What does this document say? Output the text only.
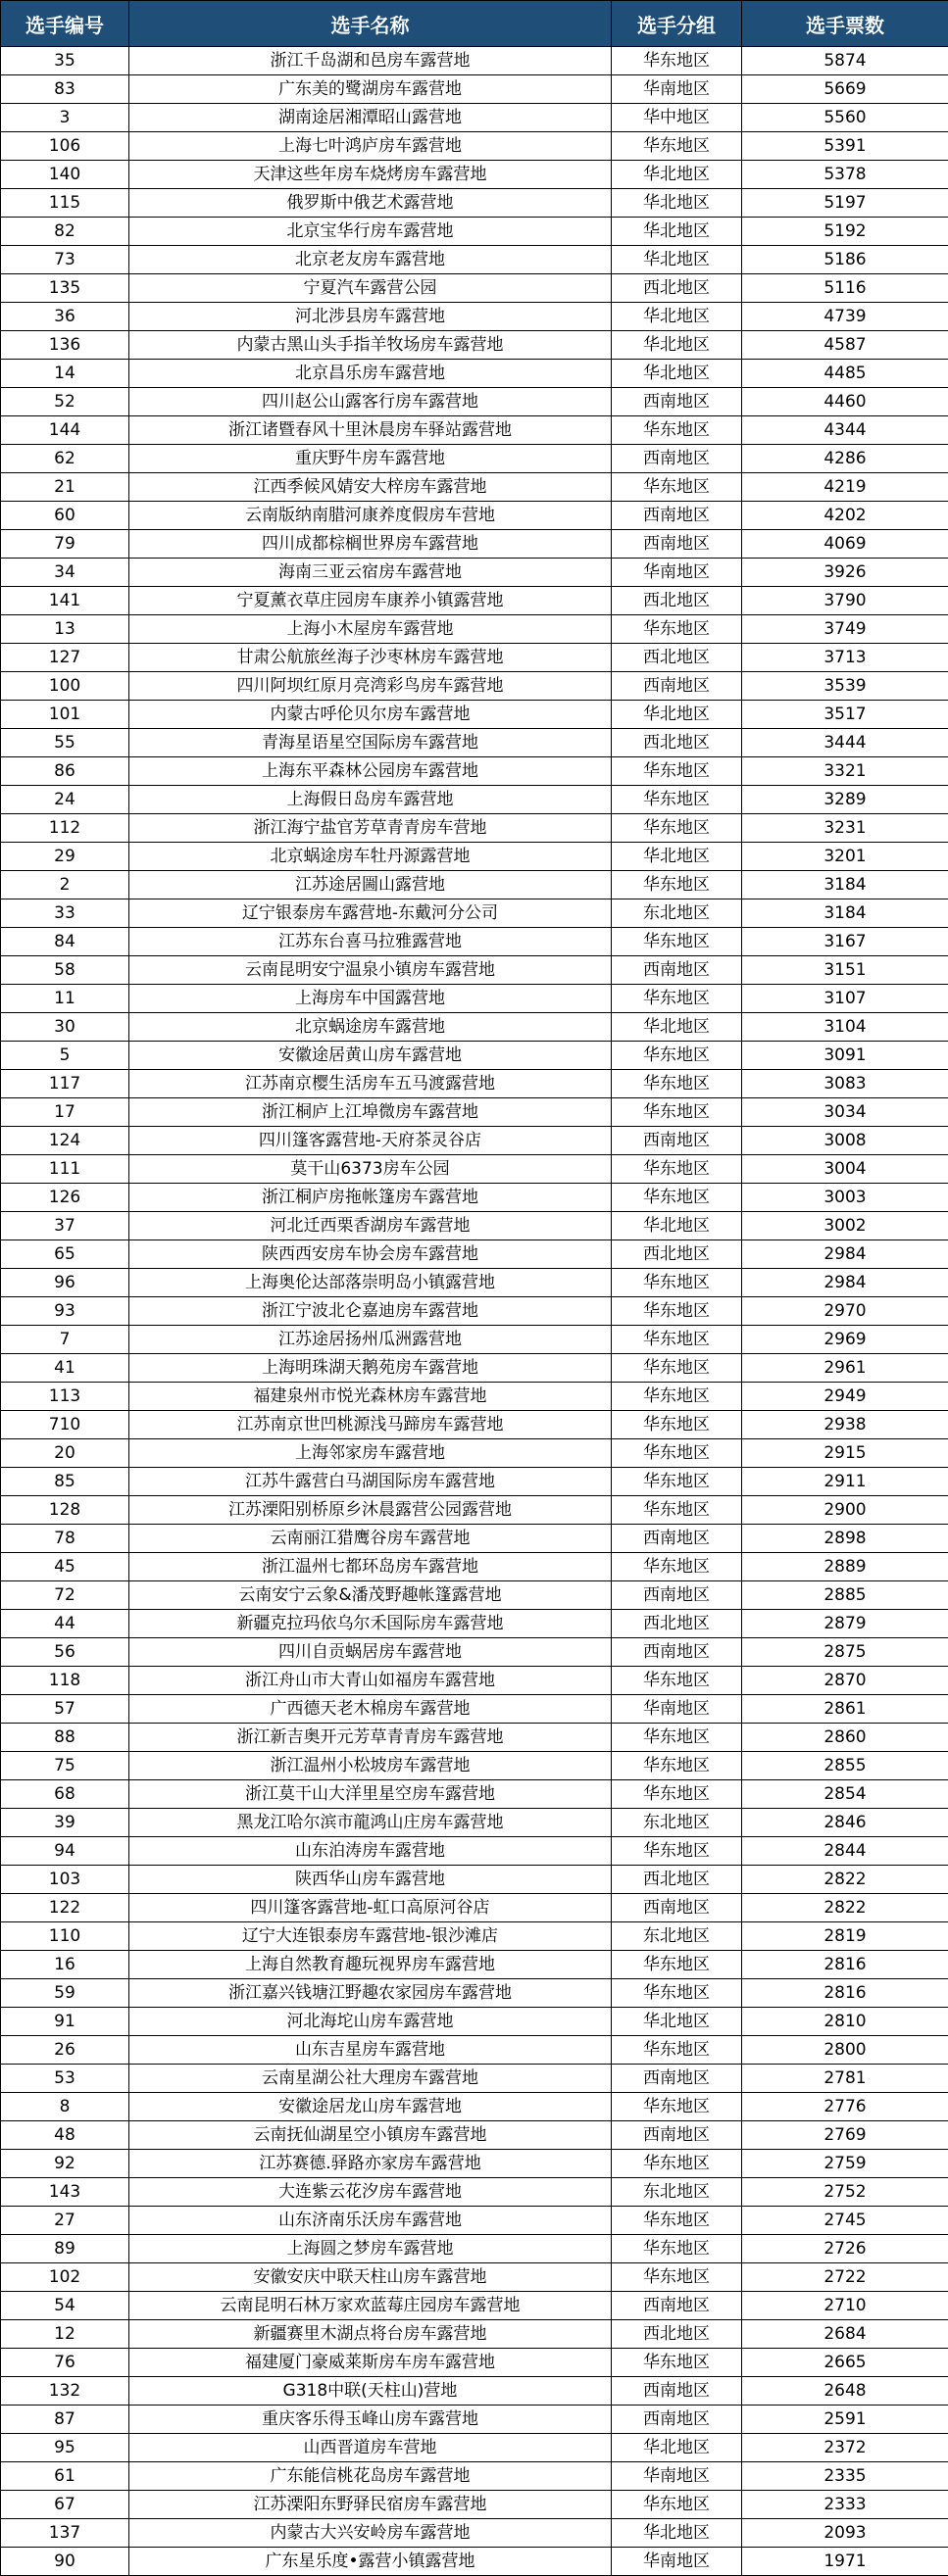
选手编号	选手名称	选手分组	选手票数
35	浙江千岛湖和邑房车露营地	华东地区	5874
83	广东美的鹭湖房车露营地	华南地区	5669
3	湖南途居湘潭昭山露营地	华中地区	5560
106	上海七叶鸿庐房车露营地	华东地区	5391
140	天津这些年房车烧烤房车露营地	华北地区	5378
115	俄罗斯中俄艺术露营地	华北地区	5197
82	北京宝华行房车露营地	华北地区	5192
73	北京老友房车露营地	华北地区	5186
135	宁夏汽车露营公园	西北地区	5116
36	河北涉县房车露营地	华北地区	4739
136	内蒙古黑山头手指羊牧场房车露营地	华北地区	4587
14	北京昌乐房车露营地	华北地区	4485
52	四川赵公山露客行房车露营地	西南地区	4460
144	浙江诸暨春风十里沐晨房车驿站露营地	华东地区	4344
62	重庆野牛房车露营地	西南地区	4286
21	江西季候风婧安大梓房车露营地	华东地区	4219
60	云南版纳南腊河康养度假房车营地	西南地区	4202
79	四川成都棕榈世界房车露营地	西南地区	4069
34	海南三亚云宿房车露营地	华南地区	3926
141	宁夏薰衣草庄园房车康养小镇露营地	西北地区	3790
13	上海小木屋房车露营地	华东地区	3749
127	甘肃公航旅丝海子沙枣林房车露营地	西北地区	3713
100	四川阿坝红原月亮湾彩鸟房车露营地	西南地区	3539
101	内蒙古呼伦贝尔房车露营地	华北地区	3517
55	青海星语星空国际房车露营地	西北地区	3444
86	上海东平森林公园房车露营地	华东地区	3321
24	上海假日岛房车露营地	华东地区	3289
112	浙江海宁盐官芳草青青房车营地	华东地区	3231
29	北京蜗途房车牡丹源露营地	华北地区	3201
2	江苏途居圌山露营地	华东地区	3184
33	辽宁银泰房车露营地-东戴河分公司	东北地区	3184
84	江苏东台喜马拉雅露营地	华东地区	3167
58	云南昆明安宁温泉小镇房车露营地	西南地区	3151
11	上海房车中国露营地	华东地区	3107
30	北京蜗途房车露营地	华北地区	3104
5	安徽途居黄山房车露营地	华东地区	3091
117	江苏南京樱生活房车五马渡露营地	华东地区	3083
17	浙江桐庐上江埠微房车露营地	华东地区	3034
124	四川篷客露营地-天府茶灵谷店	西南地区	3008
111	莫干山6373房车公园	华东地区	3004
126	浙江桐庐房拖帐篷房车露营地	华东地区	3003
37	河北迁西栗香湖房车露营地	华北地区	3002
65	陕西西安房车协会房车露营地	西北地区	2984
96	上海奥伦达部落崇明岛小镇露营地	华东地区	2984
93	浙江宁波北仑嘉迪房车露营地	华东地区	2970
7	江苏途居扬州瓜洲露营地	华东地区	2969
41	上海明珠湖天鹅苑房车露营地	华东地区	2961
113	福建泉州市悦光森林房车露营地	华东地区	2949
710	江苏南京世凹桃源浅马蹄房车露营地	华东地区	2938
20	上海邻家房车露营地	华东地区	2915
85	江苏牛露营白马湖国际房车露营地	华东地区	2911
128	江苏溧阳别桥原乡沐晨露营公园露营地	华东地区	2900
78	云南丽江猎鹰谷房车露营地	西南地区	2898
45	浙江温州七都环岛房车露营地	华东地区	2889
72	云南安宁云象&潘茂野趣帐篷露营地	西南地区	2885
44	新疆克拉玛依乌尔禾国际房车露营地	西北地区	2879
56	四川自贡蜗居房车露营地	西南地区	2875
118	浙江舟山市大青山如福房车露营地	华东地区	2870
57	广西德天老木棉房车露营地	华南地区	2861
88	浙江新吉奥开元芳草青青房车露营地	华东地区	2860
75	浙江温州小松坡房车露营地	华东地区	2855
68	浙江莫干山大洋里星空房车露营地	华东地区	2854
39	黑龙江哈尔滨市龍鸿山庄房车露营地	东北地区	2846
94	山东泊涛房车露营地	华东地区	2844
103	陕西华山房车露营地	西北地区	2822
122	四川篷客露营地-虹口高原河谷店	西南地区	2822
110	辽宁大连银泰房车露营地-银沙滩店	东北地区	2819
16	上海自然教育趣玩视界房车露营地	华东地区	2816
59	浙江嘉兴钱塘江野趣农家园房车露营地	华东地区	2816
91	河北海坨山房车露营地	华北地区	2810
26	山东吉星房车露营地	华东地区	2800
53	云南星湖公社大理房车露营地	西南地区	2781
8	安徽途居龙山房车露营地	华东地区	2776
48	云南抚仙湖星空小镇房车露营地	西南地区	2769
92	江苏赛德.驿路亦家房车露营地	华东地区	2759
143	大连紫云花汐房车露营地	东北地区	2752
27	山东济南乐沃房车露营地	华东地区	2745
89	上海圆之梦房车露营地	华东地区	2726
102	安徽安庆中联天柱山房车露营地	华东地区	2722
54	云南昆明石林万家欢蓝莓庄园房车露营地	西南地区	2710
12	新疆赛里木湖点将台房车露营地	西北地区	2684
76	福建厦门豪威莱斯房车房车露营地	华东地区	2665
132	G318中联(天柱山)营地	西南地区	2648
87	重庆客乐得玉峰山房车露营地	西南地区	2591
95	山西晋道房车营地	华北地区	2372
61	广东能信桃花岛房车露营地	华南地区	2335
67	江苏溧阳东野驿民宿房车露营地	华东地区	2333
137	内蒙古大兴安岭房车露营地	华北地区	2093
90	广东星乐度•露营小镇露营地	华南地区	1971
